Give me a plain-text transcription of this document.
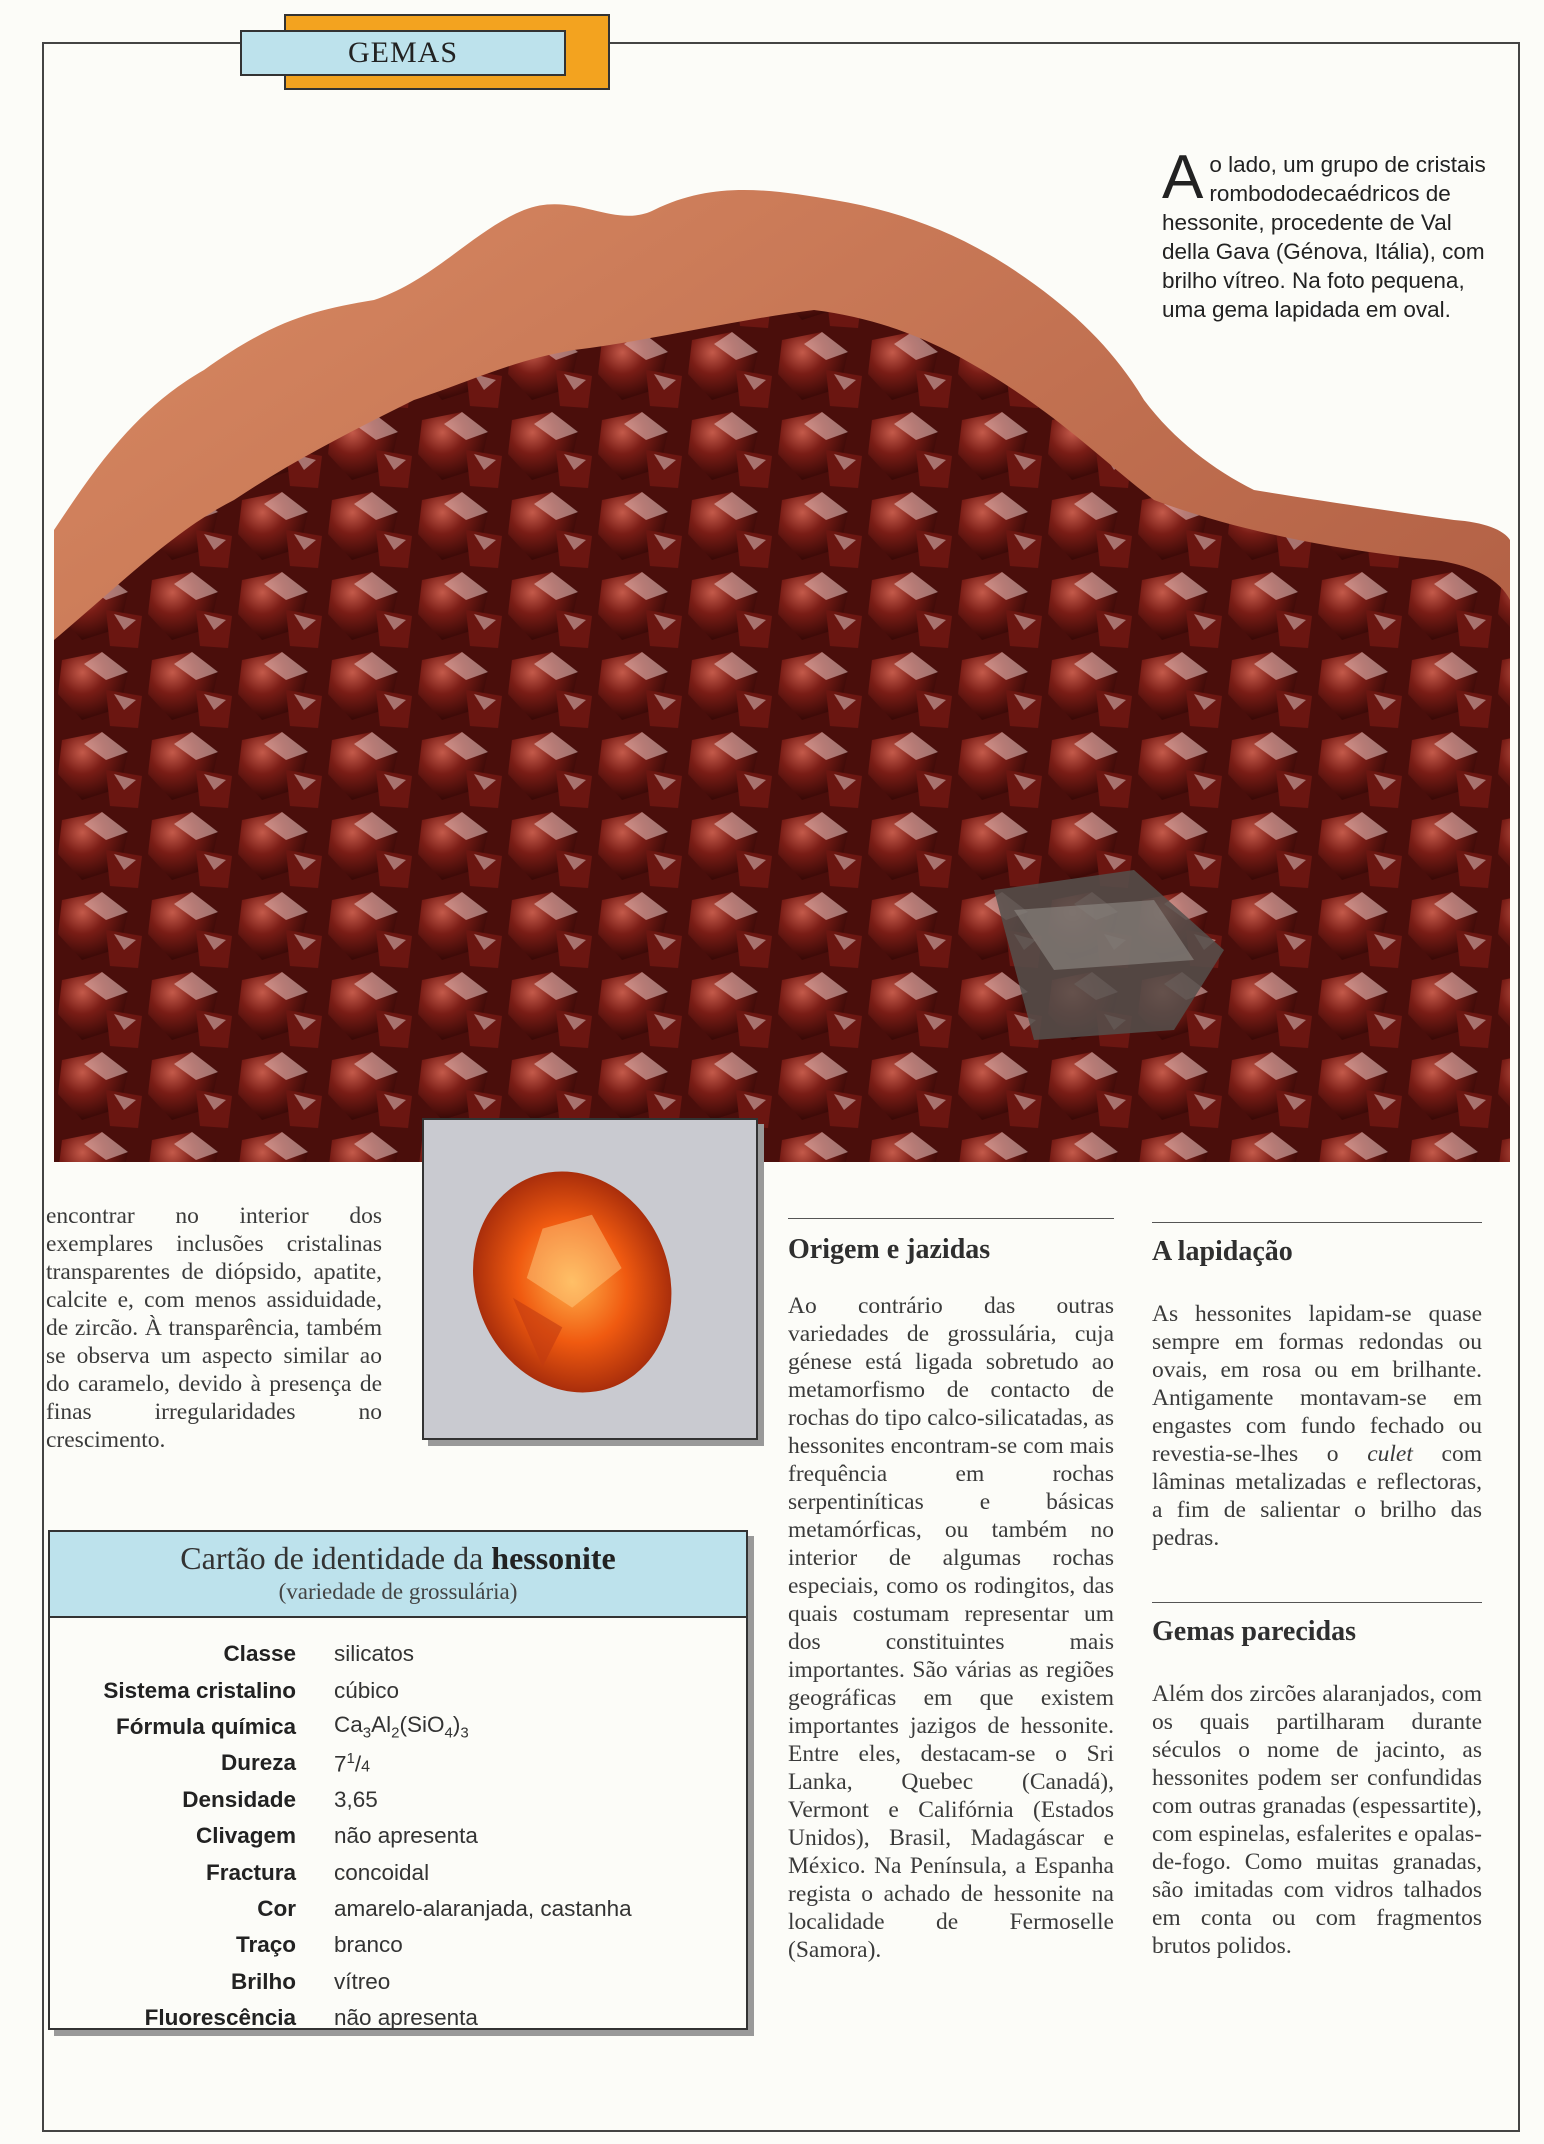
GEMAS
Ao lado, um grupo de cristais rombododecaédricos de hessonite, procedente de Val della Gava (Génova, Itália), com brilho vítreo. Na foto pequena, uma gema lapidada em oval.

encontrar no interior dos exemplares inclusões cristalinas transparentes de diópsido, apatite, calcite e, com menos assiduidade, de zircão. À transparência, também se observa um aspecto similar ao do caramelo, devido à presença de finas irregularidades no crescimento.

Origem e jazidas

Ao contrário das outras variedades de grossulária, cuja génese está ligada sobretudo ao metamorfismo de contacto de rochas do tipo calco-silicatadas, as hessonites encontram-se com mais frequência em rochas serpentiníticas e básicas metamórficas, ou também no interior de algumas rochas especiais, como os rodingitos, das quais costumam representar um dos constituintes mais importantes. São várias as regiões geográficas em que existem importantes jazigos de hessonite. Entre eles, destacam-se o Sri Lanka, Quebec (Canadá), Vermont e Califórnia (Estados Unidos), Brasil, Madagáscar e México. Na Península, a Espanha regista o achado de hessonite na localidade de Fermoselle (Samora).

A lapidação

As hessonites lapidam-se quase sempre em formas redondas ou ovais, em rosa ou em brilhante. Antigamente montavam-se em engastes com fundo fechado ou revestia-se-lhes o culet com lâminas metalizadas e reflectoras, a fim de salientar o brilho das pedras.

Gemas parecidas

Além dos zircões alaranjados, com os quais partilharam durante séculos o nome de jacinto, as hessonites podem ser confundidas com outras granadas (espessartite), com espinelas, esfalerites e opalas-de-fogo. Como muitas granadas, são imitadas com vidros talhados em conta ou com fragmentos brutos polidos.

Cartão de identidade da hessonite
(variedade de grossulária)
Classe	silicatos
Sistema cristalino	cúbico
Fórmula química	$Ca_3Al_2(SiO_4)_3$
Dureza	$7^1/4$
Densidade	3,65
Clivagem	não apresenta
Fractura	concoidal
Cor	amarelo-alaranjada, castanha
Traço	branco
Brilho	vítreo
Fluorescência	não apresenta
